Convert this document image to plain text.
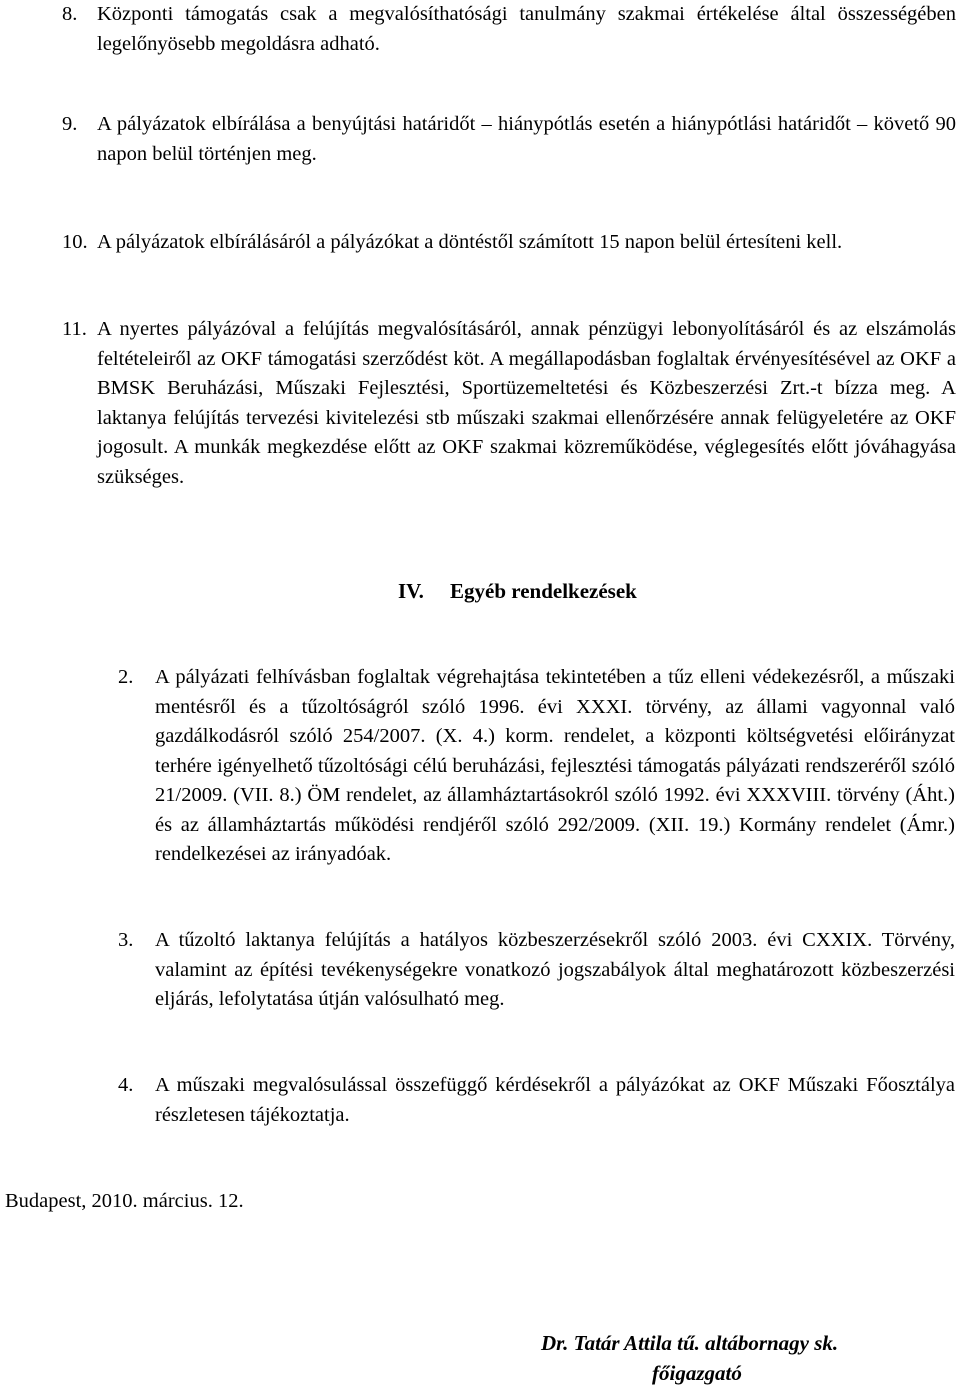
8. Központi támogatás csak a megvalósíthatósági tanulmány szakmai értékelése által összességében legelőnyösebb megoldásra adható.
9. A pályázatok elbírálása a benyújtási határidőt – hiánypótlás esetén a hiánypótlási határidőt – követő 90 napon belül történjen meg.
10. A pályázatok elbírálásáról a pályázókat a döntéstől számított 15 napon belül értesíteni kell.
11. A nyertes pályázóval a felújítás megvalósításáról, annak pénzügyi lebonyolításáról és az elszámolás feltételeiről az OKF támogatási szerződést köt. A megállapodásban foglaltak érvényesítésével az OKF a BMSK Beruházási, Műszaki Fejlesztési, Sportüzemeltetési és Közbeszerzési Zrt.-t bízza meg. A laktanya felújítás tervezési kivitelezési stb műszaki szakmai ellenőrzésére annak felügyeletére az OKF jogosult. A munkák megkezdése előtt az OKF szakmai közreműködése, véglegesítés előtt jóváhagyása szükséges.
IV. Egyéb rendelkezések
2. A pályázati felhívásban foglaltak végrehajtása tekintetében a tűz elleni védekezésről, a műszaki mentésről és a tűzoltóságról szóló 1996. évi XXXI. törvény, az állami vagyonnal való gazdálkodásról szóló 254/2007. (X. 4.) korm. rendelet, a központi költségvetési előirányzat terhére igényelhető tűzoltósági célú beruházási, fejlesztési támogatás pályázati rendszeréről szóló 21/2009. (VII. 8.) ÖM rendelet, az államháztartásokról szóló 1992. évi XXXVIII. törvény (Áht.) és az államháztartás működési rendjéről szóló 292/2009. (XII. 19.) Kormány rendelet (Ámr.) rendelkezései az irányadóak.
3. A tűzoltó laktanya felújítás a hatályos közbeszerzésekről szóló 2003. évi CXXIX. Törvény, valamint az építési tevékenységekre vonatkozó jogszabályok által meghatározott közbeszerzési eljárás, lefolytatása útján valósulható meg.
4. A műszaki megvalósulással összefüggő kérdésekről a pályázókat az OKF Műszaki Főosztálya részletesen tájékoztatja.
Budapest, 2010. március. 12.
Dr. Tatár Attila tű. altábornagy sk.
főigazgató
